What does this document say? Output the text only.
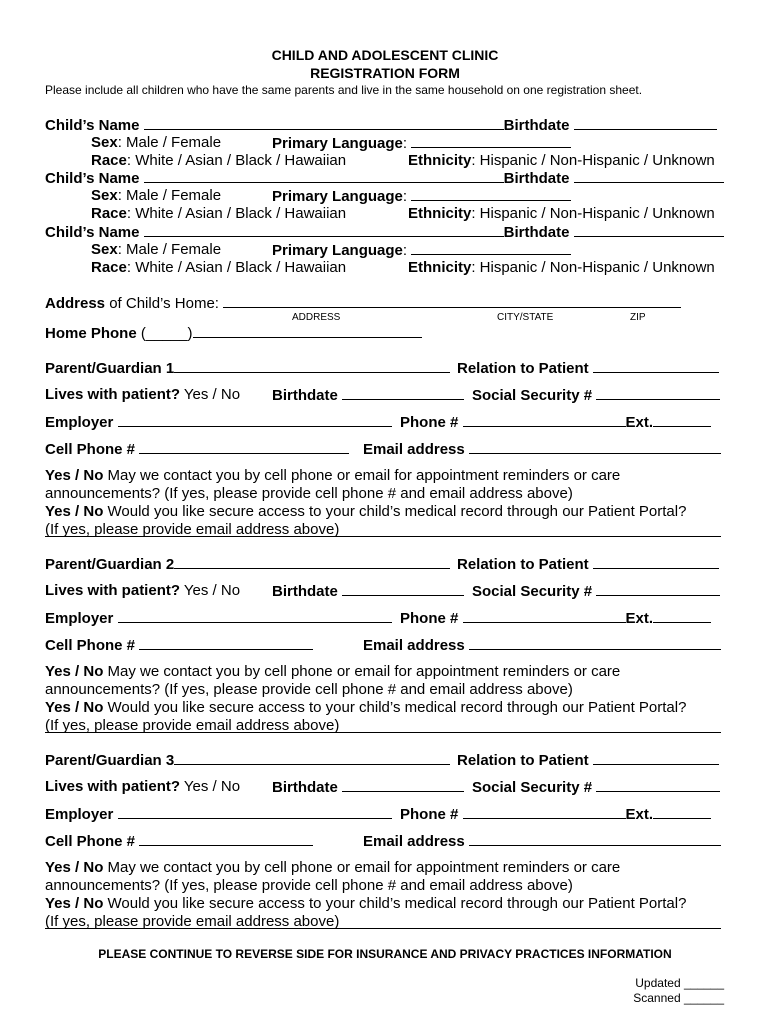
CHILD AND ADOLESCENT CLINIC
REGISTRATION FORM
Please include all children who have the same parents and live in the same household on one registration sheet.
Child’s Name	Birthdate
Sex: Male / Female	Primary Language:
Race: White / Asian / Black / Hawaiian	Ethnicity: Hispanic / Non-Hispanic / Unknown
Child’s Name	Birthdate
Sex: Male / Female	Primary Language:
Race: White / Asian / Black / Hawaiian	Ethnicity: Hispanic / Non-Hispanic / Unknown
Child’s Name	Birthdate
Sex: Male / Female	Primary Language:
Race: White / Asian / Black / Hawaiian	Ethnicity: Hispanic / Non-Hispanic / Unknown
Address of Child’s Home:
ADDRESS	CITY/STATE	ZIP
Home Phone (_____)
Parent/Guardian 1	Relation to Patient
Lives with patient? Yes / No Birthdate	Social Security #
Employer	Phone #	Ext.
Cell Phone #	Email address
Yes / No May we contact you by cell phone or email for appointment reminders or care
announcements? (If yes, please provide cell phone # and email address above)
Yes / No Would you like secure access to your child’s medical record through our Patient Portal?
(If yes, please provide email address above)
Parent/Guardian 2	Relation to Patient
Lives with patient? Yes / No Birthdate	Social Security #
Employer	Phone #	Ext.
Cell Phone #	Email address
Yes / No May we contact you by cell phone or email for appointment reminders or care
announcements? (If yes, please provide cell phone # and email address above)
Yes / No Would you like secure access to your child’s medical record through our Patient Portal?
(If yes, please provide email address above)
Parent/Guardian 3	Relation to Patient
Lives with patient? Yes / No Birthdate	Social Security #
Employer	Phone #	Ext.
Cell Phone #	Email address
Yes / No May we contact you by cell phone or email for appointment reminders or care
announcements? (If yes, please provide cell phone # and email address above)
Yes / No Would you like secure access to your child’s medical record through our Patient Portal?
(If yes, please provide email address above)
PLEASE CONTINUE TO REVERSE SIDE FOR INSURANCE AND PRIVACY PRACTICES INFORMATION
Updated ______
Scanned ______
